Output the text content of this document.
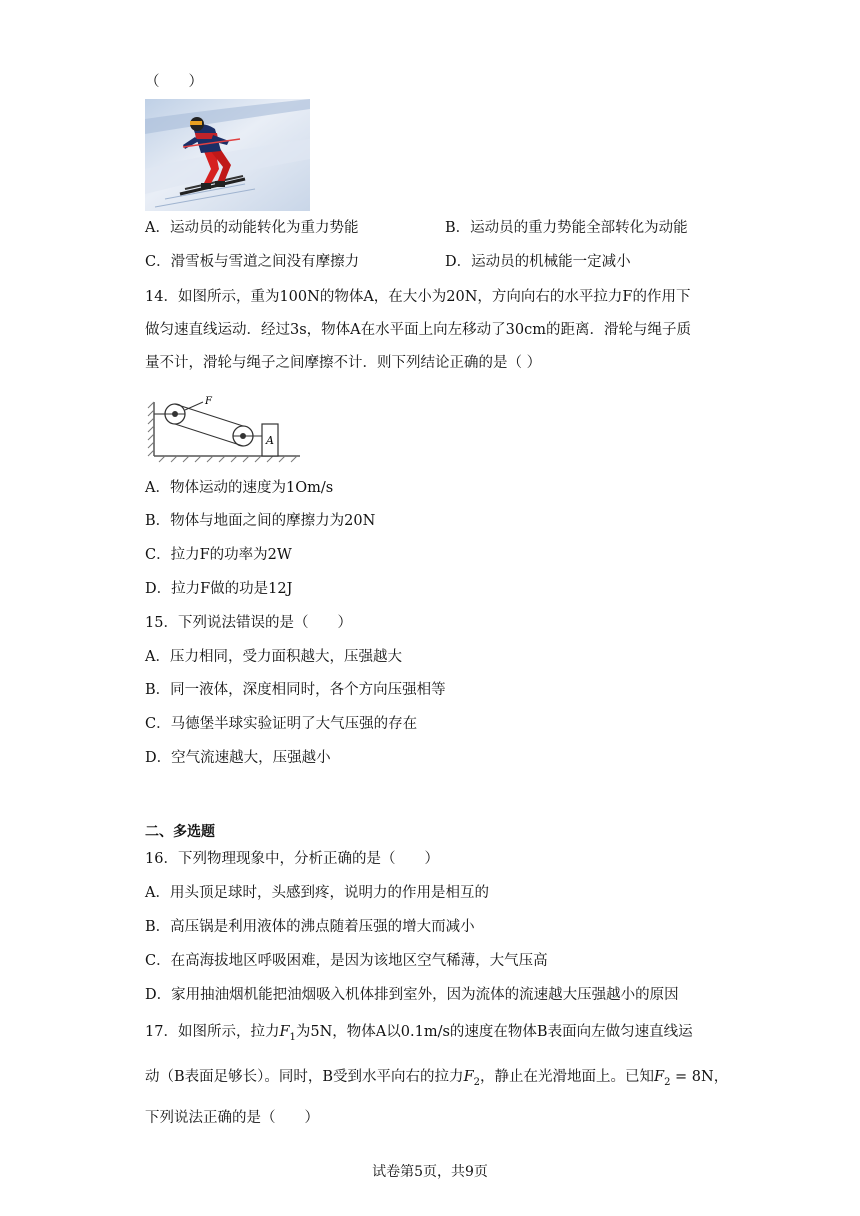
（　　）
A．运动员的动能转化为重力势能	B．运动员的重力势能全部转化为动能
C．滑雪板与雪道之间没有摩擦力	D．运动员的机械能一定减小
14．如图所示，重为100N的物体A，在大小为20N，方向向右的水平拉力F的作用下
做匀速直线运动．经过3s，物体A在水平面上向左移动了30cm的距离．滑轮与绳子质
量不计，滑轮与绳子之间摩擦不计．则下列结论正确的是（ ）
A
F
A．物体运动的速度为1Om/s
B．物体与地面之间的摩擦力为20N
C．拉力F的功率为2W
D．拉力F做的功是12J
15．下列说法错误的是（　　）
A．压力相同，受力面积越大，压强越大
B．同一液体，深度相同时，各个方向压强相等
C．马德堡半球实验证明了大气压强的存在
D．空气流速越大，压强越小
二、多选题
16．下列物理现象中，分析正确的是（　　）
A．用头顶足球时，头感到疼，说明力的作用是相互的
B．高压锅是利用液体的沸点随着压强的增大而减小
C．在高海拔地区呼吸困难，是因为该地区空气稀薄，大气压高
D．家用抽油烟机能把油烟吸入机体排到室外，因为流体的流速越大压强越小的原因
17．如图所示，拉力$F_1$为5N，物体A以0.1m/s的速度在物体B表面向左做匀速直线运
动（B表面足够长）。同时，B受到水平向右的拉力$F_2$，静止在光滑地面上。已知$F_2 = 8N$，
下列说法正确的是（　　）
试卷第5页，共9页
